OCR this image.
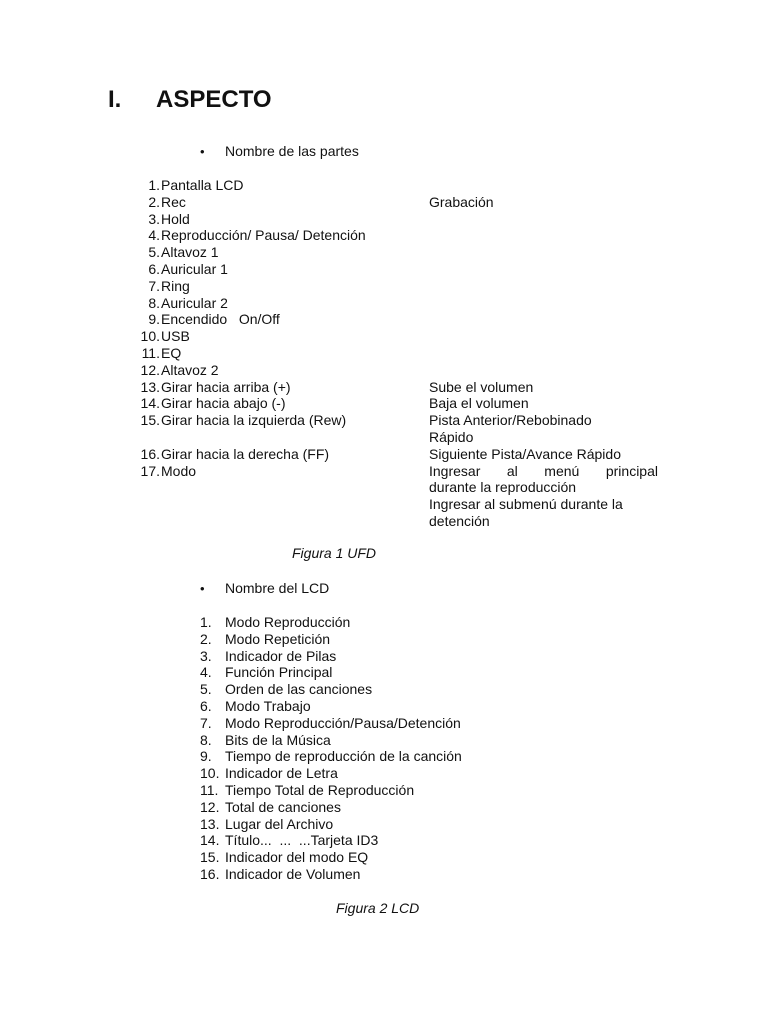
I. ASPECTO
• Nombre de las partes
1. Pantalla LCD
2. Rec	Grabación
3. Hold
4. Reproducción/ Pausa/ Detención
5. Altavoz 1
6. Auricular 1
7. Ring
8. Auricular 2
9. Encendido   On/Off
10. USB
11. EQ
12. Altavoz 2
13. Girar hacia arriba (+)	Sube el volumen
14. Girar hacia abajo (-)	Baja el volumen
15. Girar hacia la izquierda (Rew)	Pista Anterior/Rebobinado
Rápido
16. Girar hacia la derecha (FF)	Siguiente Pista/Avance Rápido
17. Modo	Ingresar al menú principal
durante la reproducción
Ingresar al submenú durante la
detención
Figura 1 UFD
• Nombre del LCD
1. Modo Reproducción
2. Modo Repetición
3. Indicador de Pilas
4. Función Principal
5. Orden de las canciones
6. Modo Trabajo
7. Modo Reproducción/Pausa/Detención
8. Bits de la Música
9. Tiempo de reproducción de la canción
10. Indicador de Letra
11. Tiempo Total de Reproducción
12. Total de canciones
13. Lugar del Archivo
14. Título...  ...  ...Tarjeta ID3
15. Indicador del modo EQ
16. Indicador de Volumen
Figura 2 LCD
